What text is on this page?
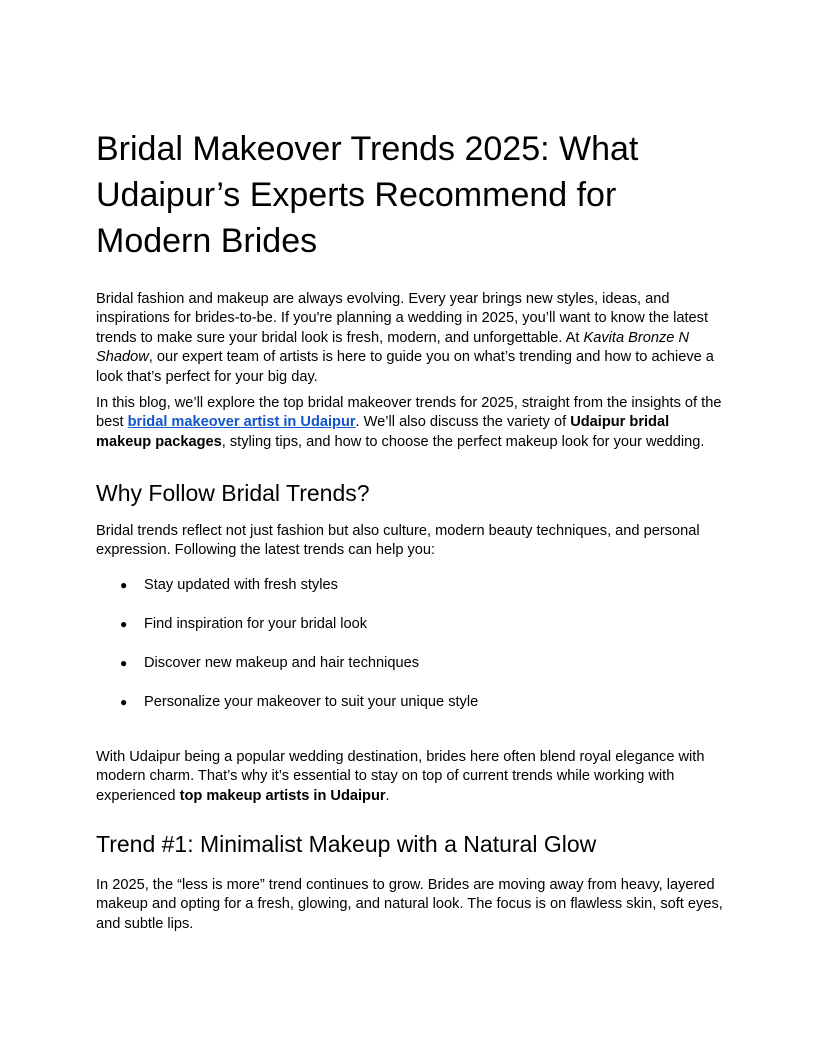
Bridal Makeover Trends 2025: What Udaipur’s Experts Recommend for Modern Brides

Bridal fashion and makeup are always evolving. Every year brings new styles, ideas, and inspirations for brides-to-be. If you're planning a wedding in 2025, you’ll want to know the latest trends to make sure your bridal look is fresh, modern, and unforgettable. At Kavita Bronze N Shadow, our expert team of artists is here to guide you on what’s trending and how to achieve a look that’s perfect for your big day.

In this blog, we’ll explore the top bridal makeover trends for 2025, straight from the insights of the best bridal makeover artist in Udaipur. We’ll also discuss the variety of Udaipur bridal makeup packages, styling tips, and how to choose the perfect makeup look for your wedding.

Why Follow Bridal Trends?

Bridal trends reflect not just fashion but also culture, modern beauty techniques, and personal expression. Following the latest trends can help you:

● Stay updated with fresh styles
● Find inspiration for your bridal look
● Discover new makeup and hair techniques
● Personalize your makeover to suit your unique style

With Udaipur being a popular wedding destination, brides here often blend royal elegance with modern charm. That’s why it’s essential to stay on top of current trends while working with experienced top makeup artists in Udaipur.

Trend #1: Minimalist Makeup with a Natural Glow

In 2025, the “less is more” trend continues to grow. Brides are moving away from heavy, layered makeup and opting for a fresh, glowing, and natural look. The focus is on flawless skin, soft eyes, and subtle lips.
